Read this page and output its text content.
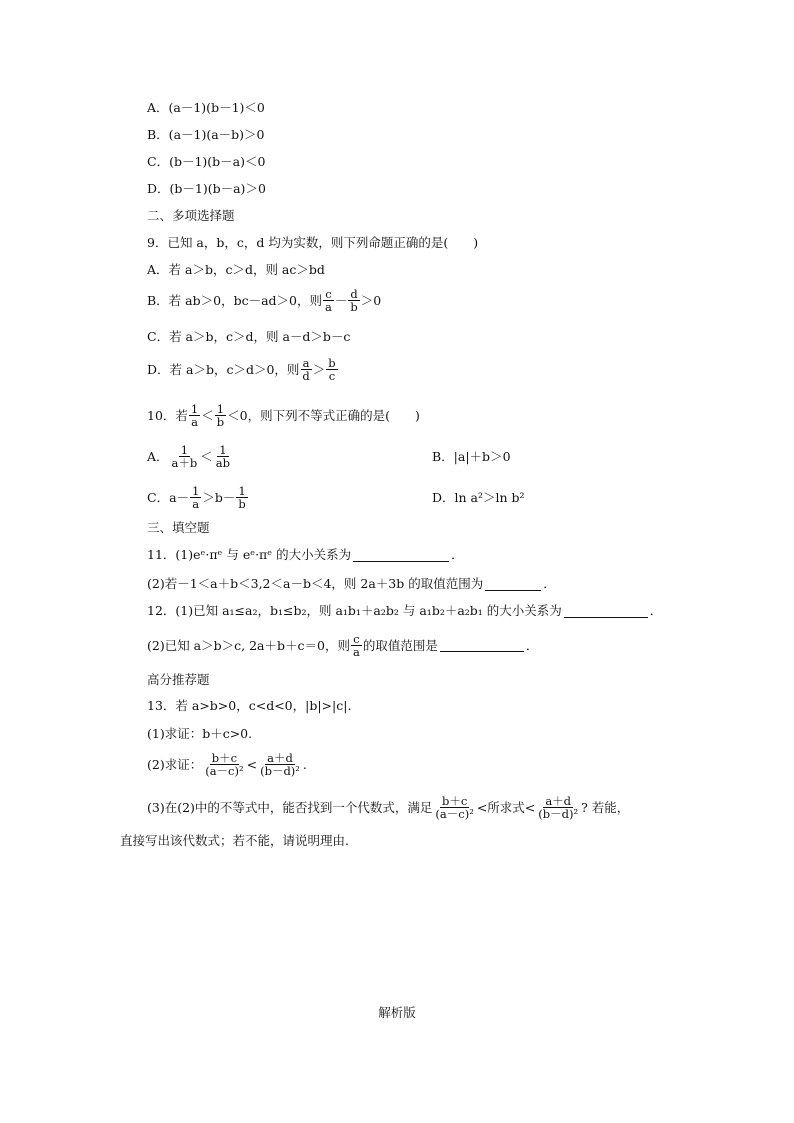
A．(a－1)(b－1)＜0
B．(a－1)(a－b)＞0
C．(b－1)(b－a)＜0
D．(b－1)(b－a)＞0
二、多项选择题
9．已知 a，b，c，d 均为实数，则下列命题正确的是(　　)
A．若 a＞b，c＞d，则 ac＞bd
B．若 ab＞0，bc－ad＞0，则 $\frac{c}{a} - \frac{d}{b} >0$
C．若 a＞b，c＞d，则 a－d＞b－c
D．若 a＞b，c＞d＞0，则 $\frac{a}{d} > \frac{b}{c}$
10．若 $\frac{1}{a} < \frac{1}{b} <0$，则下列不等式正确的是(　　)
A． $\frac{1}{a+b} < \frac{1}{ab}$	B．|a|＋b＞0
C．$a- \frac{1}{a} >b- \frac{1}{b}$	D．ln a²＞ln b²
三、填空题
11．(1)eᵉ·πᵉ 与 eᵉ·πᵉ 的大小关系为	．
(2)若－1＜a＋b＜3,2＜a－b＜4，则 2a＋3b 的取值范围为	．
12．(1)已知 a₁≤a₂，b₁≤b₂，则 a₁b₁＋a₂b₂ 与 a₁b₂＋a₂b₁ 的大小关系为	．
(2)已知 a＞b＞c, 2a＋b＋c＝0，则 $\frac{c}{a}$ 的取值范围是	．
高分推荐题
13．若 a>b>0，c<d<0，|b|>|c|.
(1)求证：b＋c>0.
(2)求证： $\frac{b+c}{\text{(a－c)²}} < \frac{a+d}{\text{(b－d)²}}$ .
(3)在(2)中的不等式中，能否找到一个代数式，满足 $\frac{b+c}{\text{(a－c)²}}$ <所求式< $\frac{a+d}{\text{(b－d)²}}$ ? 若能，
直接写出该代数式；若不能，请说明理由.
解析版
